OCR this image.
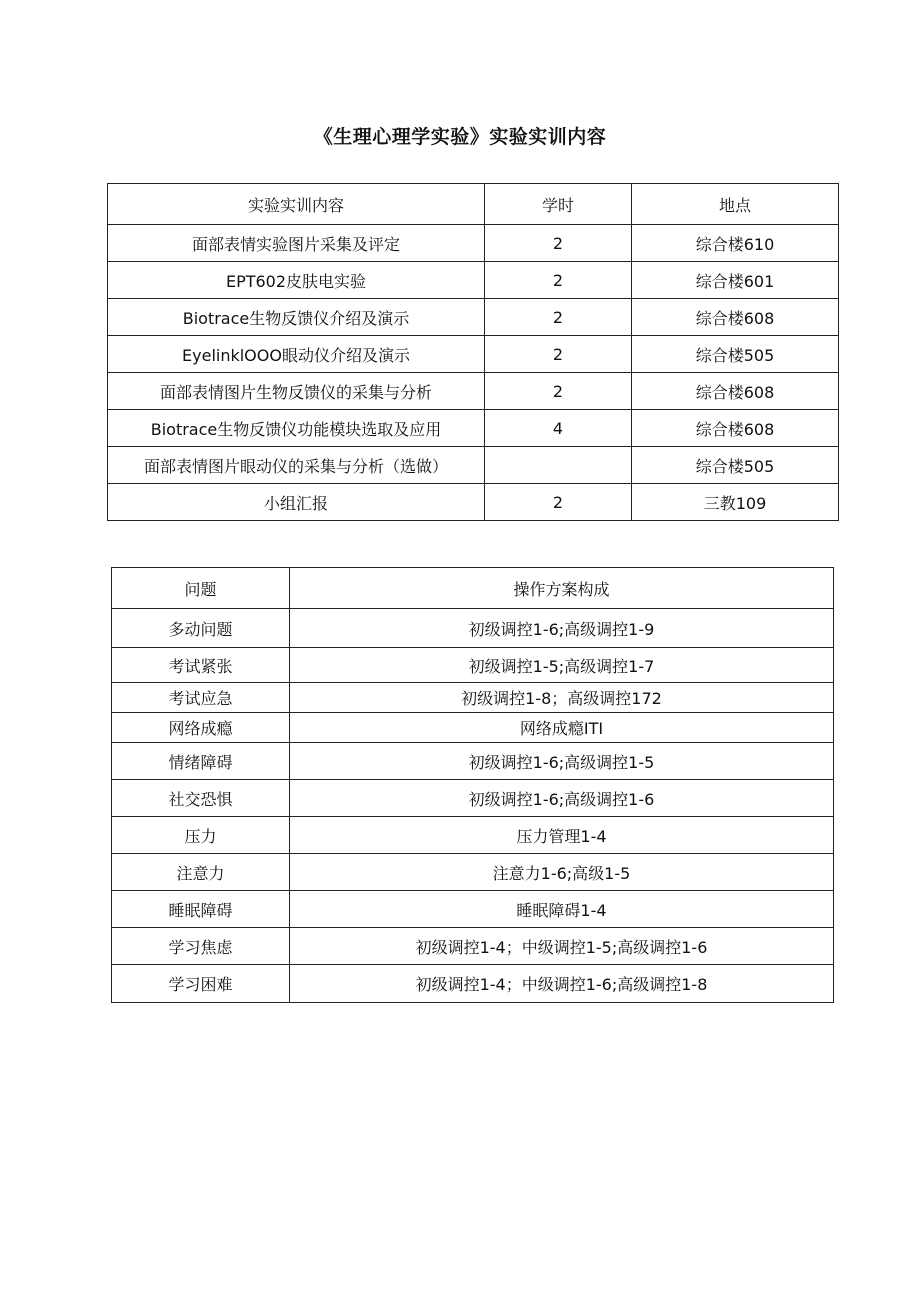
《生理心理学实验》实验实训内容
实验实训内容	学时	地点
面部表情实验图片采集及评定	2	综合楼610
EPT602皮肤电实验	2	综合楼601
Biotrace生物反馈仪介绍及演示	2	综合楼608
EyelinklOOO眼动仪介绍及演示	2	综合楼505
面部表情图片生物反馈仪的采集与分析	2	综合楼608
Biotrace生物反馈仪功能模块选取及应用	4	综合楼608
面部表情图片眼动仪的采集与分析（选做）		综合楼505
小组汇报	2	三教109
问题	操作方案构成
多动问题	初级调控1-6;高级调控1-9
考试紧张	初级调控1-5;高级调控1-7
考试应急	初级调控1-8；高级调控172
网络成瘾	网络成瘾ITI
情绪障碍	初级调控1-6;高级调控1-5
社交恐惧	初级调控1-6;高级调控1-6
压力	压力管理1-4
注意力	注意力1-6;高级1-5
睡眠障碍	睡眠障碍1-4
学习焦虑	初级调控1-4；中级调控1-5;高级调控1-6
学习困难	初级调控1-4；中级调控1-6;高级调控1-8
